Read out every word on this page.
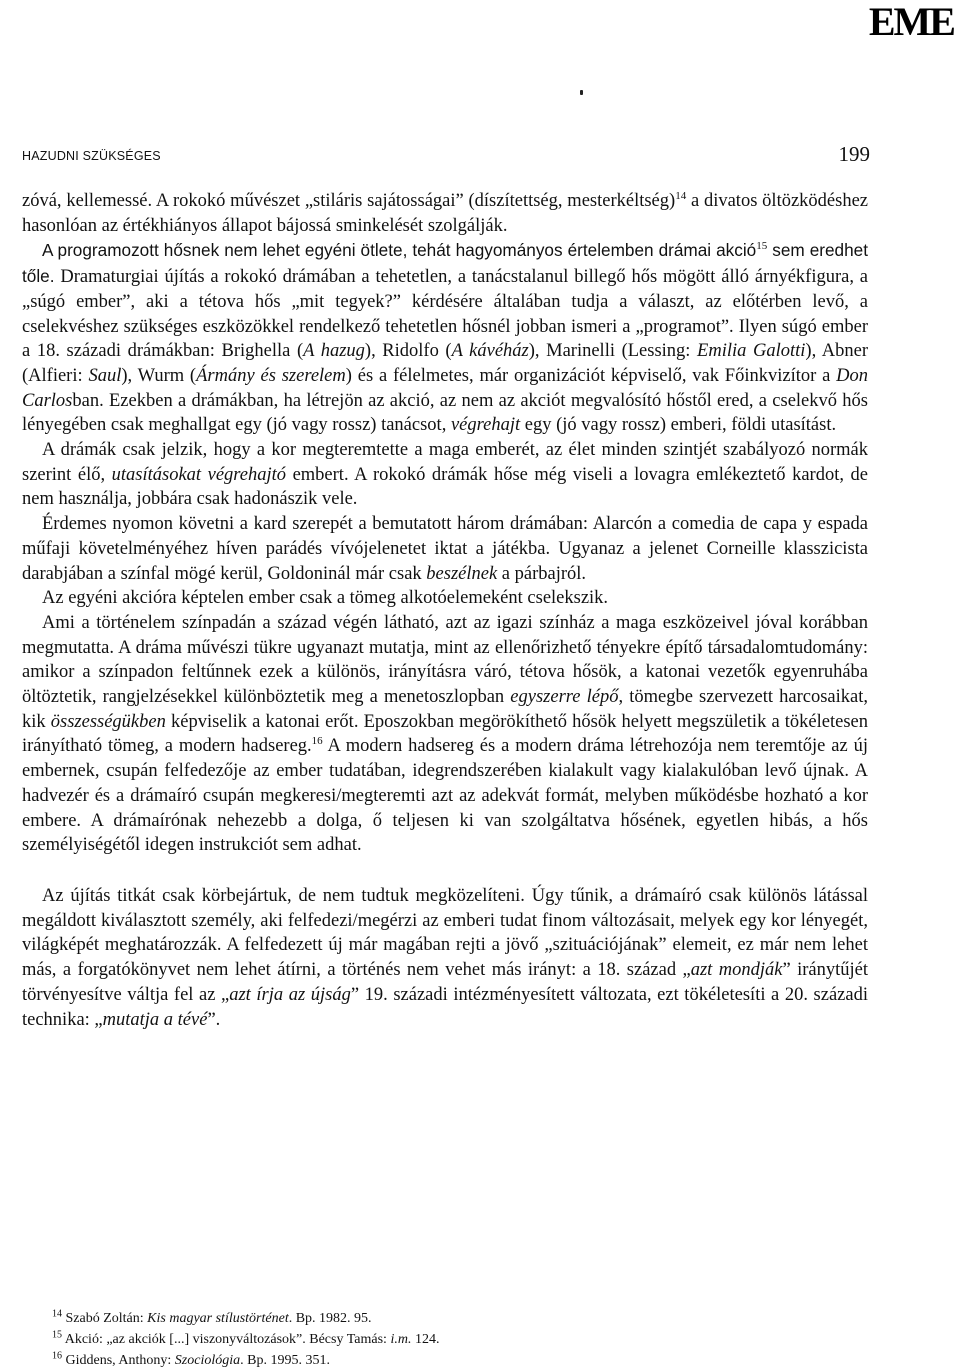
EME
HAZUDNI SZÜKSÉGES	199

zóvá, kellemessé. A rokokó művészet „stiláris sajátosságai” (díszítettség, mesterkéltség)$^{14}$ a divatos öltözködéshez hasonlóan az értékhiányos állapot bájossá sminkelését szolgálják.

A programozott hősnek nem lehet egyéni ötlete, tehát hagyományos értelemben drámai akció$^{15}$ sem eredhet tőle. Dramaturgiai újítás a rokokó drámában a tehetetlen, a tanácstalanul billegő hős mögött álló árnyékfigura, a „súgó ember”, aki a tétova hős „mit tegyek?” kérdésére általában tudja a választ, az előtérben levő, a cselekvéshez szükséges eszközökkel rendelkező tehetetlen hősnél jobban ismeri a „programot”. Ilyen súgó ember a 18. századi drámákban: Brighella (A hazug), Ridolfo (A kávéház), Marinelli (Lessing: Emilia Galotti), Abner (Alfieri: Saul), Wurm (Ármány és szerelem) és a félelmetes, már organizációt képviselő, vak Főinkvizítor a Don Carlosban. Ezekben a drámákban, ha létrejön az akció, az nem az akciót megvalósító hőstől ered, a cselekvő hős lényegében csak meghallgat egy (jó vagy rossz) tanácsot, végrehajt egy (jó vagy rossz) emberi, földi utasítást.

A drámák csak jelzik, hogy a kor megteremtette a maga emberét, az élet minden szintjét szabályozó normák szerint élő, utasításokat végrehajtó embert. A rokokó drámák hőse még viseli a lovagra emlékeztető kardot, de nem használja, jobbára csak hadonászik vele.

Érdemes nyomon követni a kard szerepét a bemutatott három drámában: Alarcón a comedia de capa y espada műfaji követelményéhez híven parádés vívójelenetet iktat a játékba. Ugyanaz a jelenet Corneille klasszicista darabjában a színfal mögé kerül, Goldoninál már csak beszélnek a párbajról.

Az egyéni akcióra képtelen ember csak a tömeg alkotóelemeként cselekszik.

Ami a történelem színpadán a század végén látható, azt az igazi színház a maga eszközeivel jóval korábban megmutatta. A dráma művészi tükre ugyanazt mutatja, mint az ellenőrizhető tényekre építő társadalomtudomány: amikor a színpadon feltűnnek ezek a különös, irányításra váró, tétova hősök, a katonai vezetők egyenruhába öltöztetik, rangjelzésekkel különböztetik meg a menetoszlopban egyszerre lépő, tömegbe szervezett harcosaikat, kik összességükben képviselik a katonai erőt. Eposzokban megörökíthető hősök helyett megszületik a tökéletesen irányítható tömeg, a modern hadsereg.$^{16}$ A modern hadsereg és a modern dráma létrehozója nem teremtője az új embernek, csupán felfedezője az ember tudatában, idegrendszerében kialakult vagy kialakulóban levő újnak. A hadvezér és a drámaíró csupán megkeresi/megteremti azt az adekvát formát, melyben működésbe hozható a kor embere. A drámaírónak nehezebb a dolga, ő teljesen ki van szolgáltatva hősének, egyetlen hibás, a hős személyiségétől idegen instrukciót sem adhat.

Az újítás titkát csak körbejártuk, de nem tudtuk megközelíteni. Úgy tűnik, a drámaíró csak különös látással megáldott kiválasztott személy, aki felfedezi/megérzi az emberi tudat finom változásait, melyek egy kor lényegét, világképét meghatározzák. A felfedezett új már magában rejti a jövő „szituációjának” elemeit, ez már nem lehet más, a forgatókönyvet nem lehet átírni, a történés nem vehet más irányt: a 18. század „azt mondják” iránytűjét törvényesítve váltja fel az „azt írja az újság” 19. századi intézményesített változata, ezt tökéletesíti a 20. századi technika: „mutatja a tévé”.

$^{14}$ Szabó Zoltán: Kis magyar stílustörténet. Bp. 1982. 95.
$^{15}$ Akció: „az akciók [...] viszonyváltozások”. Bécsy Tamás: i.m. 124.
$^{16}$ Giddens, Anthony: Szociológia. Bp. 1995. 351.
